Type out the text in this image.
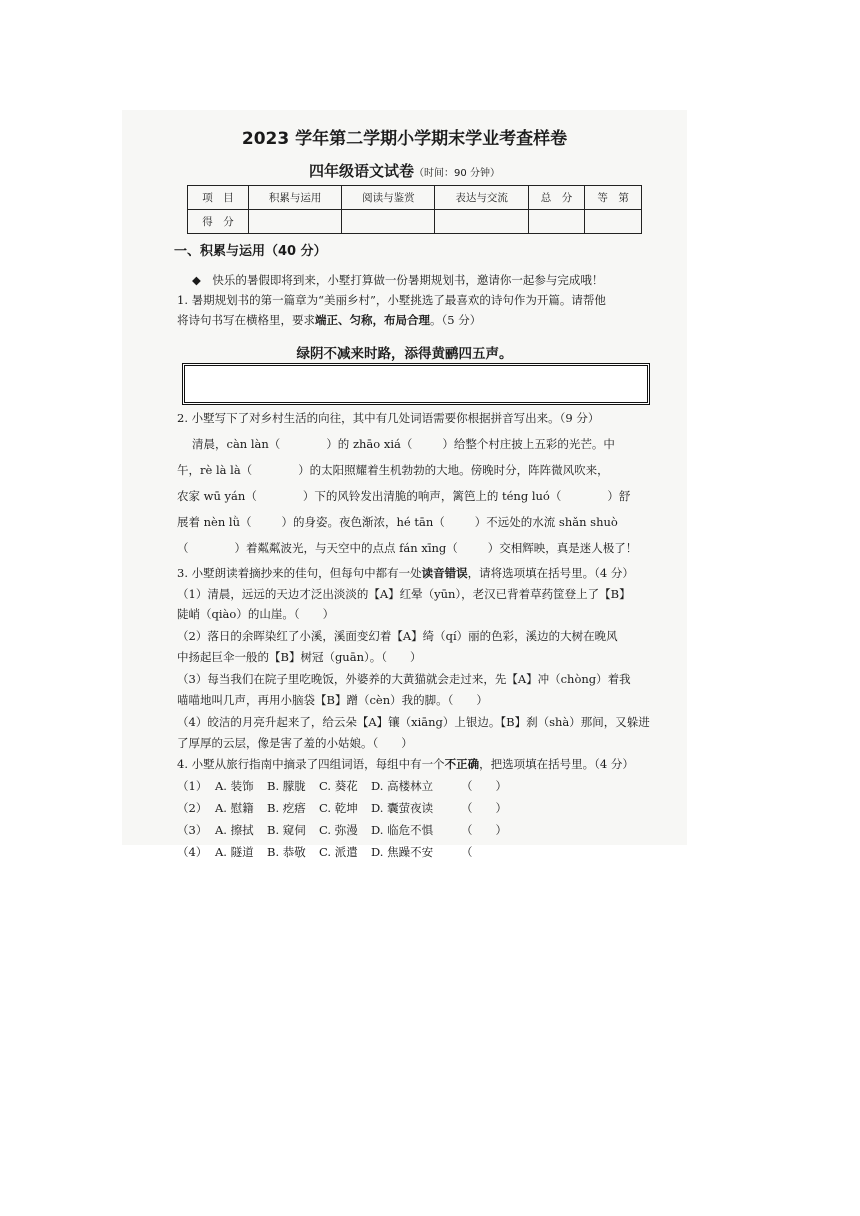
2023 学年第二学期小学期末学业考查样卷
四年级语文试卷（时间：90 分钟）
项　目	积累与运用	阅读与鉴赏	表达与交流	总　分	等　第
得　分					
一、积累与运用（40 分）
◆　快乐的暑假即将到来，小墅打算做一份暑期规划书，邀请你一起参与完成哦！
1. 暑期规划书的第一篇章为“美丽乡村”，小墅挑选了最喜欢的诗句作为开篇。请帮他
将诗句书写在横格里，要求端正、匀称，布局合理。（5 分）
绿阴不减来时路，添得黄鹂四五声。
2. 小墅写下了对乡村生活的向往，其中有几处词语需要你根据拼音写出来。（9 分）
清晨，càn làn（	）的 zhāo xiá（	）给整个村庄披上五彩的光芒。中
午，rè là là（	）的太阳照耀着生机勃勃的大地。傍晚时分，阵阵微风吹来，
农家 wū yán（	）下的风铃发出清脆的响声，篱笆上的 téng luó（	）舒
展着 nèn lǜ（	）的身姿。夜色渐浓，hé tān（	）不远处的水流 shǎn shuò
（	）着粼粼波光，与天空中的点点 fán xīng（	）交相辉映，真是迷人极了！
3. 小墅朗读着摘抄来的佳句，但每句中都有一处读音错误，请将选项填在括号里。（4 分）
（1）清晨，远远的天边才泛出淡淡的【A】红晕（yūn），老汉已背着草药筐登上了【B】
陡峭（qiào）的山崖。（　　）
（2）落日的余晖染红了小溪，溪面变幻着【A】绮（qí）丽的色彩，溪边的大树在晚风
中扬起巨伞一般的【B】树冠（guān）。（　　）
（3）每当我们在院子里吃晚饭，外婆养的大黄猫就会走过来，先【A】冲（chòng）着我
喵喵地叫几声，再用小脑袋【B】蹭（cèn）我的脚。（　　）
（4）皎洁的月亮升起来了，给云朵【A】镶（xiāng）上银边。【B】刹（shà）那间，又躲进
了厚厚的云层，像是害了羞的小姑娘。（　　）
4. 小墅从旅行指南中摘录了四组词语，每组中有一个不正确，把选项填在括号里。（4 分）
（1） A. 装饰 B. 朦胧 C. 葵花 D. 高楼林立 （　　）
（2） A. 慰籍 B. 疙瘩 C. 乾坤 D. 囊萤夜读 （　　）
（3） A. 擦拭 B. 窥伺 C. 弥漫 D. 临危不惧 （　　）
（4） A. 隧道 B. 恭敬 C. 派遣 D. 焦躁不安 （
